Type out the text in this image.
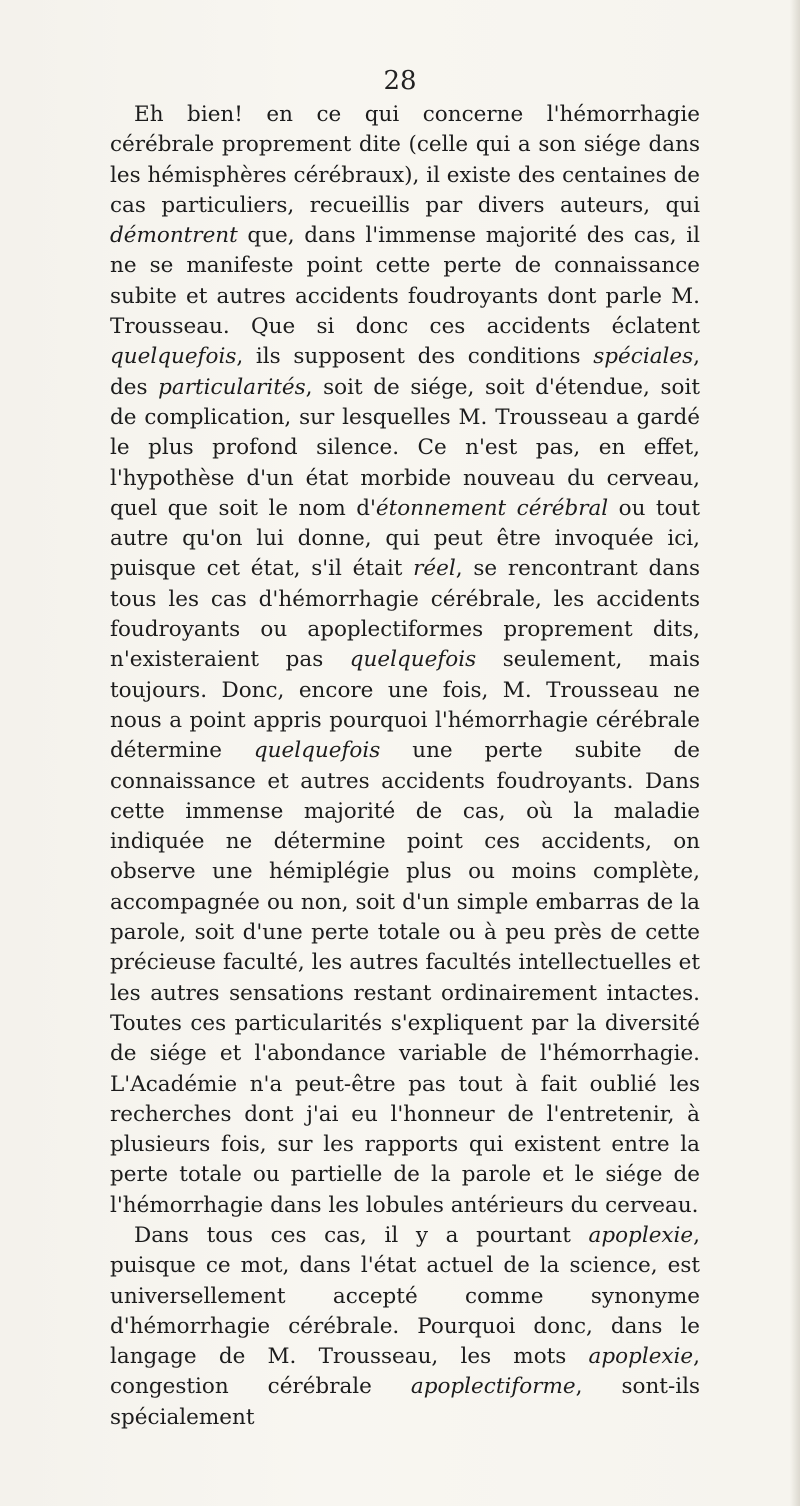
28

Eh bien! en ce qui concerne l'hémorrhagie cérébrale proprement dite (celle qui a son siége dans les hémisphères cérébraux), il existe des centaines de cas particuliers, recueillis par divers auteurs, qui démontrent que, dans l'immense majorité des cas, il ne se manifeste point cette perte de connaissance subite et autres accidents foudroyants dont parle M. Trousseau. Que si donc ces accidents éclatent quelquefois, ils supposent des conditions spéciales, des particularités, soit de siége, soit d'étendue, soit de complication, sur lesquelles M. Trousseau a gardé le plus profond silence. Ce n'est pas, en effet, l'hypothèse d'un état morbide nouveau du cerveau, quel que soit le nom d'étonnement cérébral ou tout autre qu'on lui donne, qui peut être invoquée ici, puisque cet état, s'il était réel, se rencontrant dans tous les cas d'hémorrhagie cérébrale, les accidents foudroyants ou apoplectiformes proprement dits, n'existeraient pas quelquefois seulement, mais toujours. Donc, encore une fois, M. Trousseau ne nous a point appris pourquoi l'hémorrhagie cérébrale détermine quelquefois une perte subite de connaissance et autres accidents foudroyants. Dans cette immense majorité de cas, où la maladie indiquée ne détermine point ces accidents, on observe une hémiplégie plus ou moins complète, accompagnée ou non, soit d'un simple embarras de la parole, soit d'une perte totale ou à peu près de cette précieuse faculté, les autres facultés intellectuelles et les autres sensations restant ordinairement intactes. Toutes ces particularités s'expliquent par la diversité de siége et l'abondance variable de l'hémorrhagie. L'Académie n'a peut-être pas tout à fait oublié les recherches dont j'ai eu l'honneur de l'entretenir, à plusieurs fois, sur les rapports qui existent entre la perte totale ou partielle de la parole et le siége de l'hémorrhagie dans les lobules antérieurs du cerveau.

Dans tous ces cas, il y a pourtant apoplexie, puisque ce mot, dans l'état actuel de la science, est universellement accepté comme synonyme d'hémorrhagie cérébrale. Pourquoi donc, dans le langage de M. Trousseau, les mots apoplexie, congestion cérébrale apoplectiforme, sont-ils spécialement
